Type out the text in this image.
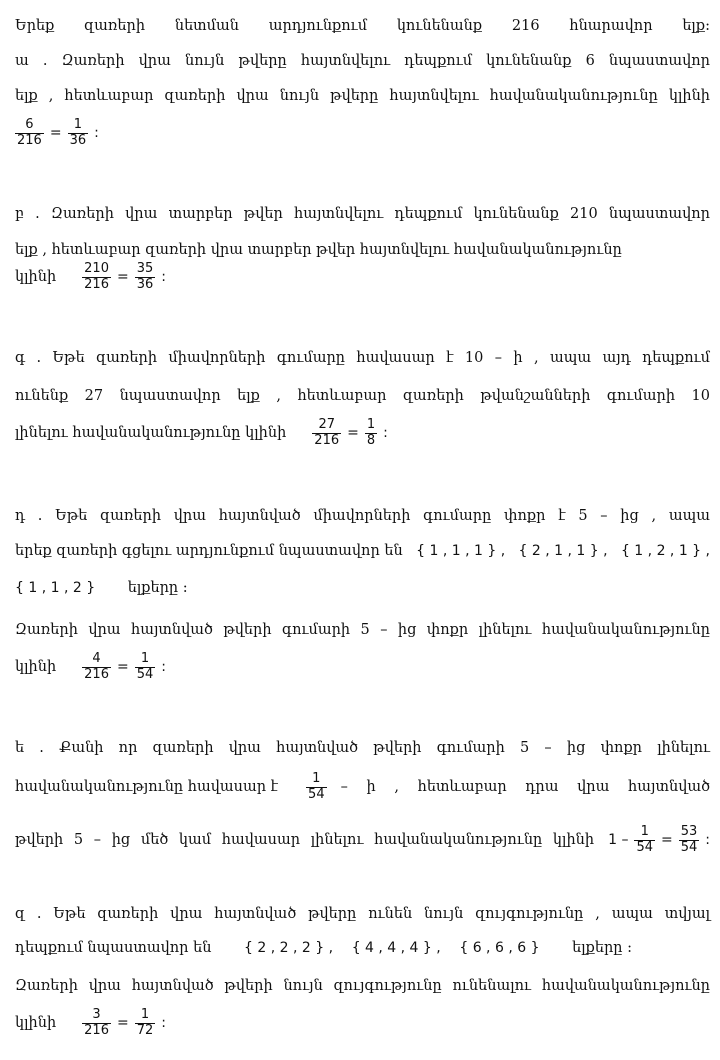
Երեք զառերի նետման արդյունքում կունենանք 216 հնարավոր ելք։
ա . Զառերի վրա նույն թվերը հայտնվելու դեպքում կունենանք 6 նպաստավոր
ելք , հետևաբար զառերի վրա նույն թվերը հայտնվելու հավանականությունը կլինի
$\frac{6}{216} = \frac{1}{36}$ :
բ . Զառերի վրա տարբեր թվեր հայտնվելու դեպքում կունենանք 210 նպաստավոր
ելք , հետևաբար զառերի վրա տարբեր թվեր հայտնվելու հավանականությունը
կլինի $\frac{210}{216} = \frac{35}{36}$ :
գ . Եթե զառերի միավորների գումարը հավասար է 10 – ի , ապա այդ դեպքում
ունենք 27 նպաստավոր ելք , հետևաբար զառերի թվանշանների գումարի 10
լինելու հավանականությունը կլինի $\frac{27}{216} = \frac{1}{8}$ :
դ . Եթե զառերի վրա հայտնված միավորների գումարը փոքր է 5 – ից , ապա
երեք զառերի գցելու արդյունքում նպաստավոր են { 1 , 1 , 1 } , { 2 , 1 , 1 } , { 1 , 2 , 1 } ,
{ 1 , 1 , 2 } ելքերը ։
Զառերի վրա հայտնված թվերի գումարի 5 – ից փոքր լինելու հավանականությունը
կլինի $\frac{4}{216} = \frac{1}{54}$ :
ե . Քանի որ զառերի վրա հայտնված թվերի գումարի 5 – ից փոքր լինելու
հավանականությունը հավասար է $\frac{1}{54}$ – ի , հետևաբար դրա վրա հայտնված
թվերի 5 – ից մեծ կամ հավասար լինելու հավանականությունը կլինի $1 - \frac{1}{54} = \frac{53}{54}$ :
զ . Եթե զառերի վրա հայտնված թվերը ունեն նույն զույգությունը , ապա տվյալ
դեպքում նպաստավոր են { 2 , 2 , 2 } , { 4 , 4 , 4 } , { 6 , 6 , 6 } ելքերը ։
Զառերի վրա հայտնված թվերի նույն զույգությունը ունենալու հավանականությունը
կլինի $\frac{3}{216} = \frac{1}{72}$ :
